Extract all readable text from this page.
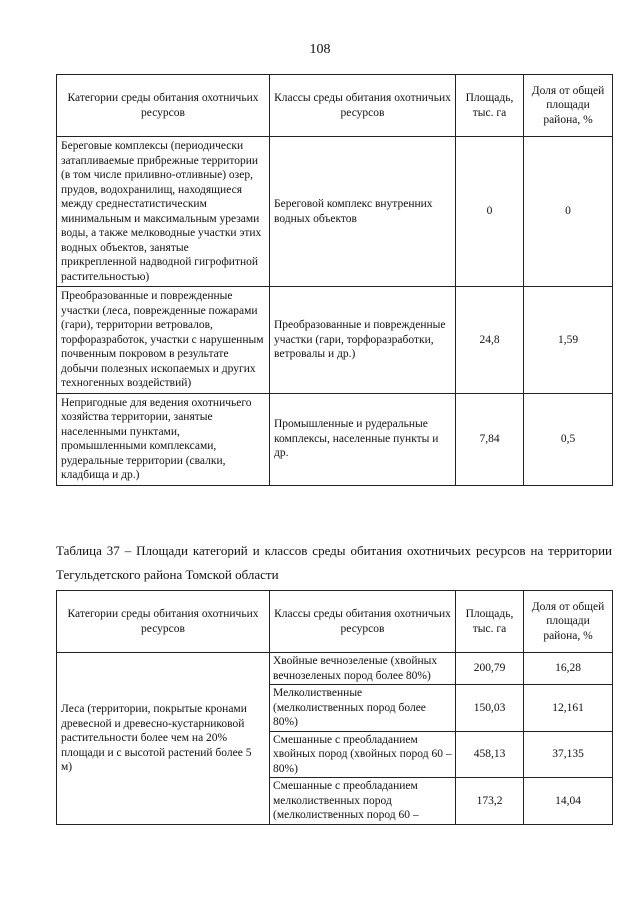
108
Категории среды обитания охотничьих ресурсов	Классы среды обитания охотничьих ресурсов	Площадь, тыс. га	Доля от общей площади района, %
Береговые комплексы (периодически затапливаемые прибрежные территории (в том числе приливно-отливные) озер, прудов, водохранилищ, находящиеся между среднестатистическим минимальным и максимальным урезами воды, а также мелководные участки этих водных объектов, занятые прикрепленной надводной гигрофитной растительностью)	Береговой комплекс внутренних водных объектов	0	0
Преобразованные и поврежденные участки (леса, поврежденные пожарами (гари), территории ветровалов, торфоразработок, участки с нарушенным почвенным покровом в результате добычи полезных ископаемых и других техногенных воздействий)	Преобразованные и поврежденные участки (гари, торфоразработки, ветровалы и др.)	24,8	1,59
Непригодные для ведения охотничьего хозяйства территории, занятые населенными пунктами, промышленными комплексами, рудеральные территории (свалки, кладбища и др.)	Промышленные и рудеральные комплексы, населенные пункты и др.	7,84	0,5
Таблица 37 – Площади категорий и классов среды обитания охотничьих ресурсов на территории Тегульдетского района Томской области
Категории среды обитания охотничьих ресурсов	Классы среды обитания охотничьих ресурсов	Площадь, тыс. га	Доля от общей площади района, %
Леса (территории, покрытые кронами древесной и древесно-кустарниковой растительности более чем на 20% площади и с высотой растений более 5 м)	Хвойные вечнозеленые (хвойных вечнозеленых пород более 80%)	200,79	16,28
	Мелколиственные (мелколиственных пород более 80%)	150,03	12,161
	Смешанные с преобладанием хвойных пород (хвойных пород 60 – 80%)	458,13	37,135
	Смешанные с преобладанием мелколиственных пород (мелколиственных пород 60 –	173,2	14,04
